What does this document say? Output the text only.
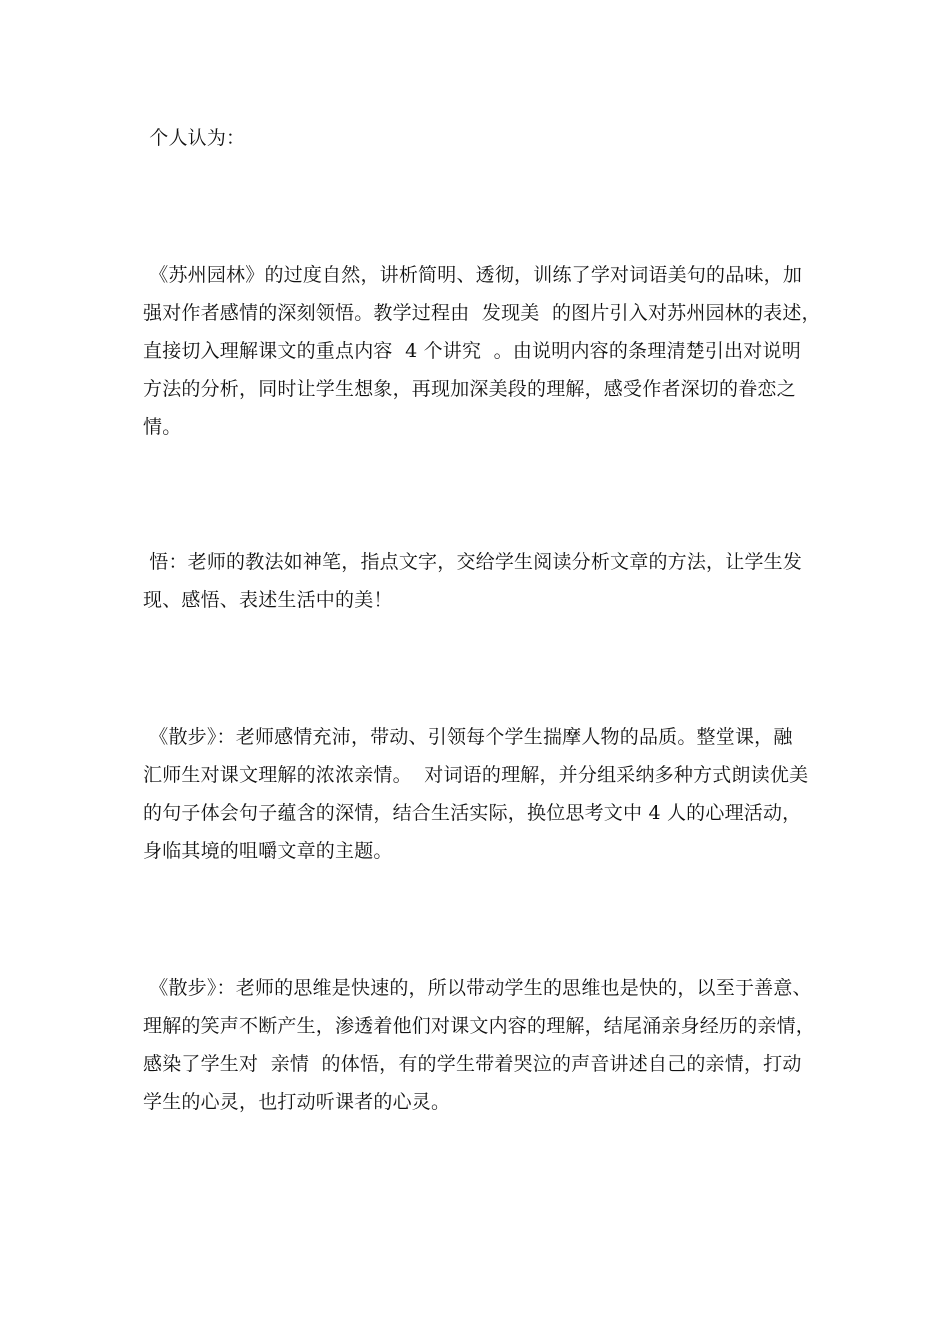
个人认为：
《苏州园林》的过度自然，讲析简明、透彻，训练了学对词语美句的品味，加
强对作者感情的深刻领悟。教学过程由  发现美  的图片引入对苏州园林的表述，
直接切入理解课文的重点内容  4 个讲究  。由说明内容的条理清楚引出对说明
方法的分析，同时让学生想象，再现加深美段的理解，感受作者深切的眷恋之
情。
悟：老师的教法如神笔，指点文字，交给学生阅读分析文章的方法，让学生发
现、感悟、表述生活中的美！
《散步》：老师感情充沛，带动、引领每个学生揣摩人物的品质。整堂课，融
汇师生对课文理解的浓浓亲情。  对词语的理解，并分组采纳多种方式朗读优美
的句子体会句子蕴含的深情，结合生活实际，换位思考文中 4 人的心理活动，
身临其境的咀嚼文章的主题。
《散步》：老师的思维是快速的，所以带动学生的思维也是快的，以至于善意、
理解的笑声不断产生，渗透着他们对课文内容的理解，结尾涌亲身经历的亲情，
感染了学生对  亲情  的体悟，有的学生带着哭泣的声音讲述自己的亲情，打动
学生的心灵，也打动听课者的心灵。
